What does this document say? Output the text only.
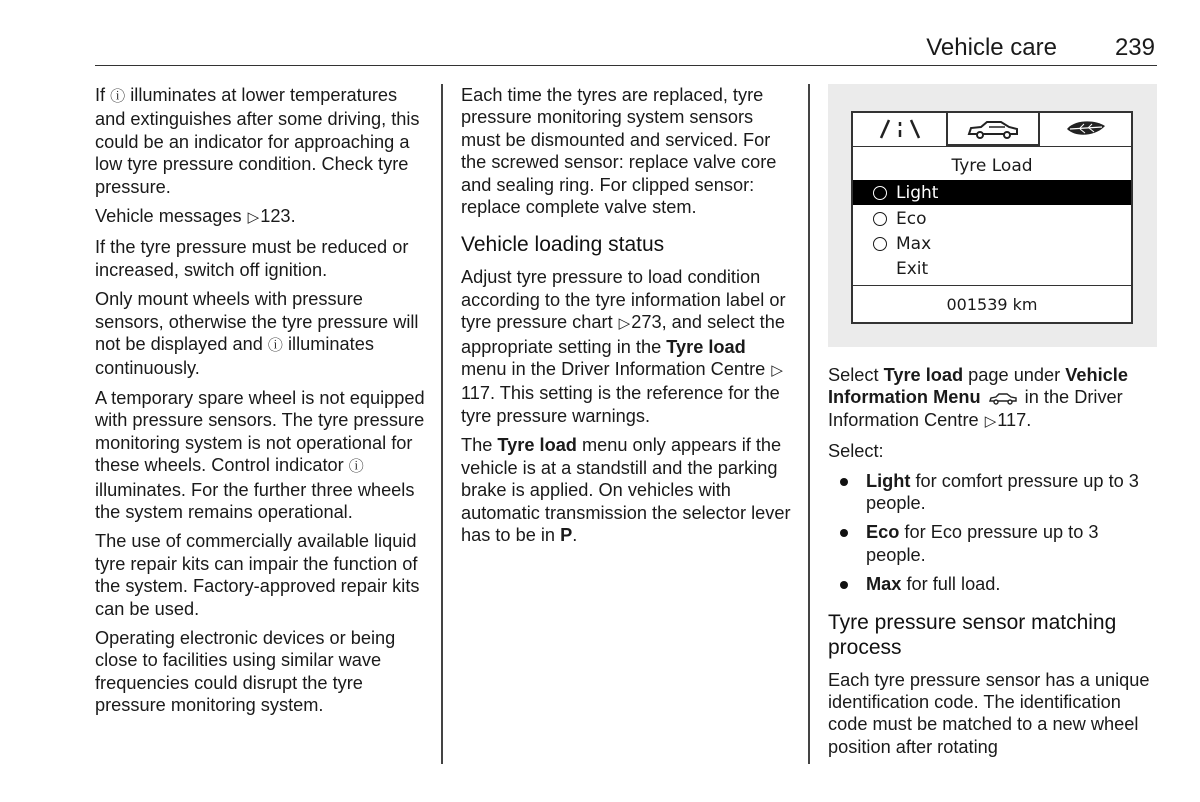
Vehicle care 239

If ⓘ illuminates at lower temperatures and extinguishes after some driving, this could be an indicator for approaching a low tyre pressure condition. Check tyre pressure.

Vehicle messages ▷123.

If the tyre pressure must be reduced or increased, switch off ignition.

Only mount wheels with pressure sensors, otherwise the tyre pressure will not be displayed and ⓘ illuminates continuously.

A temporary spare wheel is not equipped with pressure sensors. The tyre pressure monitoring system is not operational for these wheels. Control indicator ⓘ illuminates. For the further three wheels the system remains operational.

The use of commercially available liquid tyre repair kits can impair the function of the system. Factory-approved repair kits can be used.

Operating electronic devices or being close to facilities using similar wave frequencies could disrupt the tyre pressure monitoring system.

Each time the tyres are replaced, tyre pressure monitoring system sensors must be dismounted and serviced. For the screwed sensor: replace valve core and sealing ring. For clipped sensor: replace complete valve stem.

Vehicle loading status

Adjust tyre pressure to load condition according to the tyre information label or tyre pressure chart ▷273, and select the appropriate setting in the Tyre load menu in the Driver Information Centre ▷117. This setting is the reference for the tyre pressure warnings.

The Tyre load menu only appears if the vehicle is at a standstill and the parking brake is applied. On vehicles with automatic transmission the selector lever has to be in P.

Tyre Load
Light
Eco
Max
Exit
001539 km

Select Tyre load page under Vehicle Information Menu  in the Driver Information Centre ▷117.

Select:

Light for comfort pressure up to 3 people.
Eco for Eco pressure up to 3 people.
Max for full load.
Tyre pressure sensor matching process

Each tyre pressure sensor has a unique identification code. The identification code must be matched to a new wheel position after rotating
